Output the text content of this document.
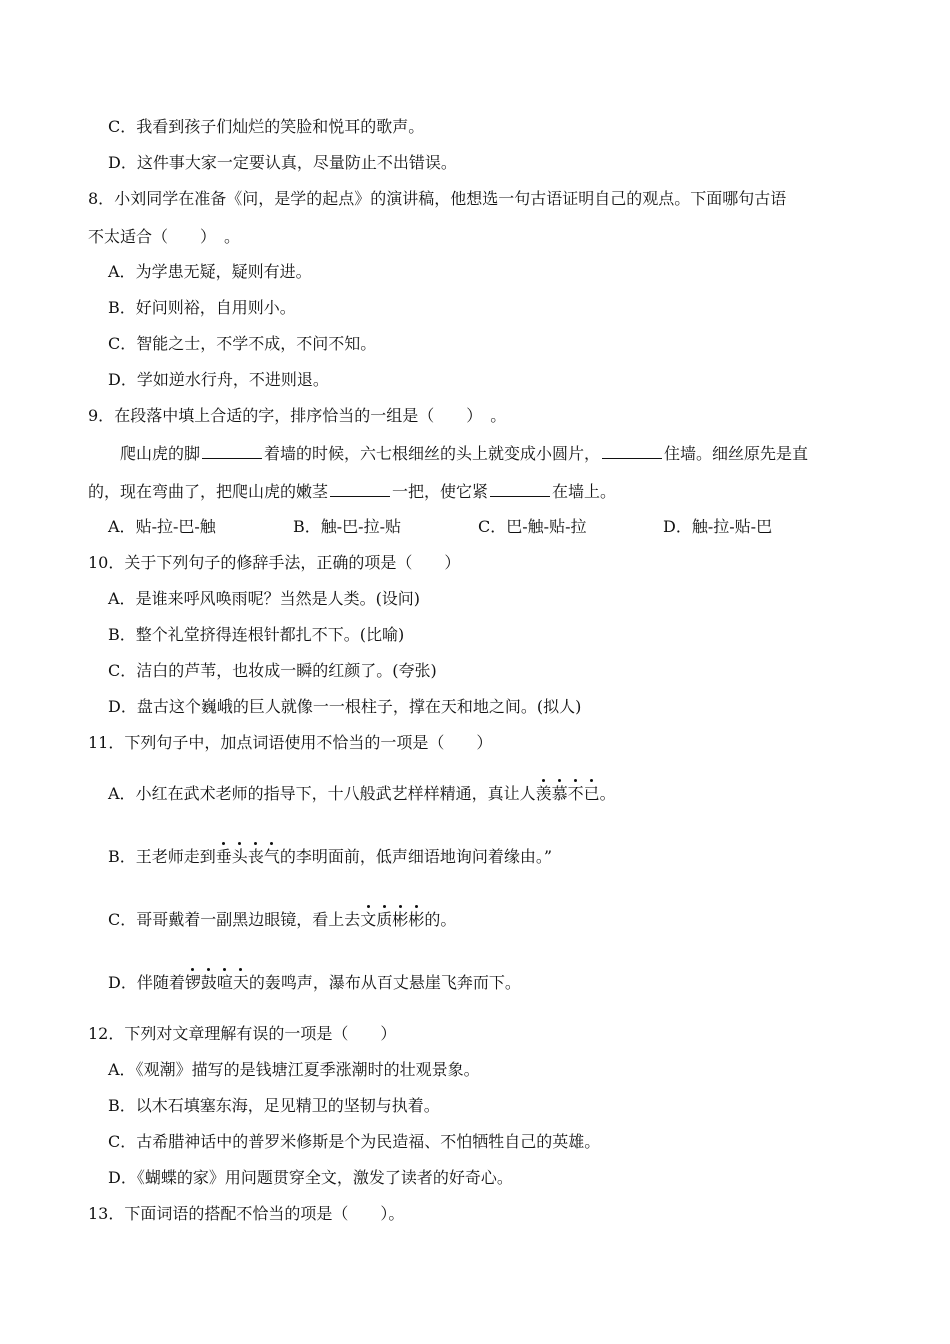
C．我看到孩子们灿烂的笑脸和悦耳的歌声。
D．这件事大家一定要认真，尽量防止不出错误。
8．小刘同学在准备《问，是学的起点》的演讲稿，他想选一句古语证明自己的观点。下面哪句古语
不太适合（　　）　。
A．为学患无疑，疑则有进。
B．好问则裕，自用则小。
C．智能之士，不学不成，不问不知。
D．学如逆水行舟，不进则退。
9．在段落中填上合适的字，排序恰当的一组是（　　）　。
爬山虎的脚	着墙的时候，六七根细丝的头上就变成小圆片，	住墙。细丝原先是直
的，现在弯曲了，把爬山虎的嫩茎	一把，使它紧	在墙上。
A．贴-拉-巴-触	B．触-巴-拉-贴	C．巴-触-贴-拉	D．触-拉-贴-巴
10．关于下列句子的修辞手法，正确的项是（　　）
A．是谁来呼风唤雨呢？当然是人类。(设问)
B．整个礼堂挤得连根针都扎不下。(比喻)
C．洁白的芦苇，也妆成一瞬的红颜了。(夸张)
D．盘古这个巍峨的巨人就像一一根柱子，撑在天和地之间。(拟人)
11．下列句子中，加点词语使用不恰当的一项是（　　）
A．小红在武术老师的指导下，十八般武艺样样精通，真让人羡慕不已。
B．王老师走到垂头丧气的李明面前，低声细语地询问着缘由。”
C．哥哥戴着一副黑边眼镜，看上去文质彬彬的。
D．伴随着锣鼓喧天的轰鸣声，瀑布从百丈悬崖飞奔而下。
12．下列对文章理解有误的一项是（　　）
A．《观潮》描写的是钱塘江夏季涨潮时的壮观景象。
B．以木石填塞东海，足见精卫的坚韧与执着。
C．古希腊神话中的普罗米修斯是个为民造福、不怕牺牲自己的英雄。
D．《蝴蝶的家》用问题贯穿全文，激发了读者的好奇心。
13．下面词语的搭配不恰当的项是（　　）。
